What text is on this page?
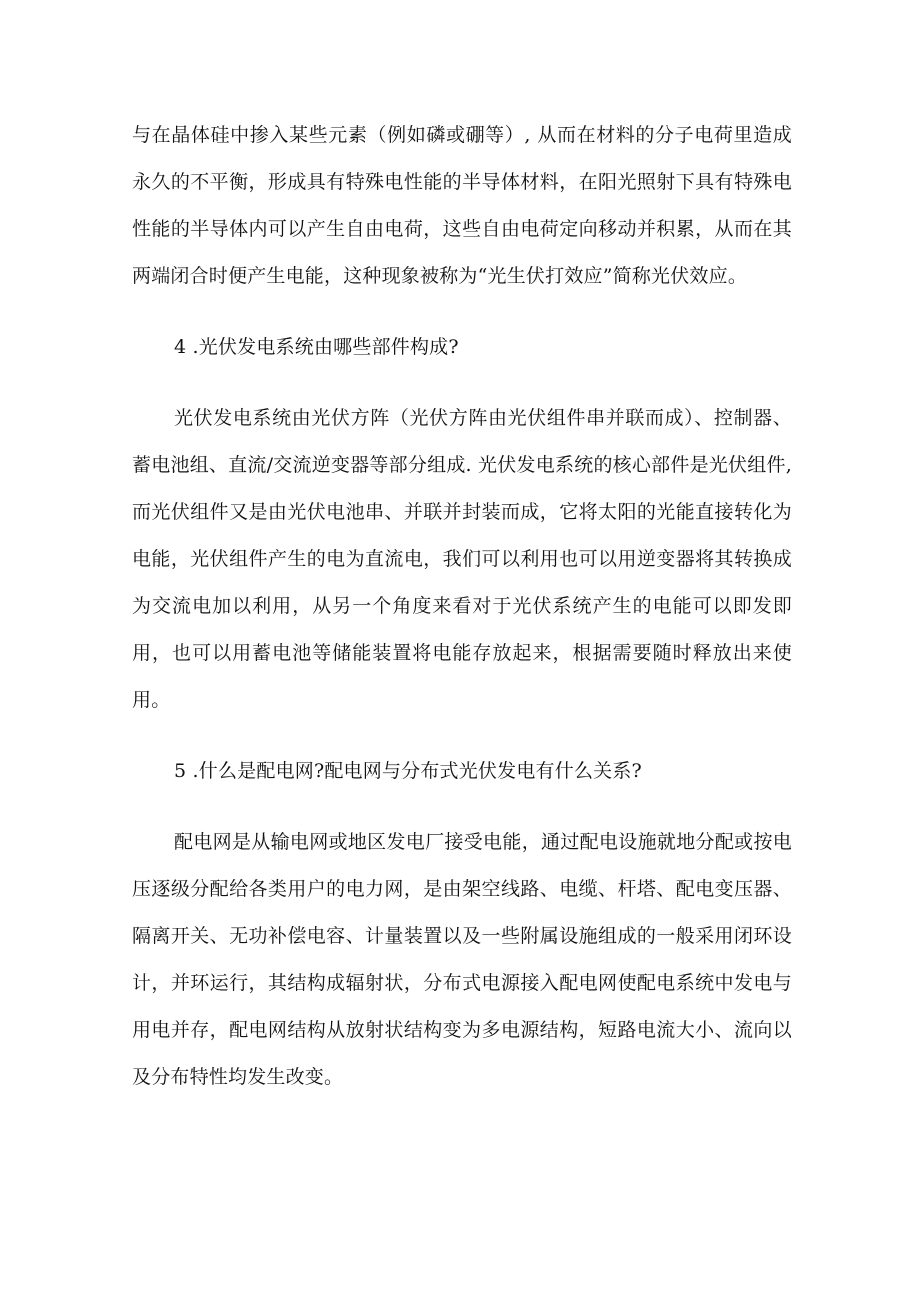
与在晶体硅中掺入某些元素（例如磷或硼等）, 从而在材料的分子电荷里造成永久的不平衡，形成具有特殊电性能的半导体材料，在阳光照射下具有特殊电性能的半导体内可以产生自由电荷，这些自由电荷定向移动并积累，从而在其两端闭合时便产生电能，这种现象被称为“光生伏打效应”简称光伏效应。

4 .光伏发电系统由哪些部件构成?

光伏发电系统由光伏方阵（光伏方阵由光伏组件串并联而成）、控制器、蓄电池组、直流/交流逆变器等部分组成. 光伏发电系统的核心部件是光伏组件, 而光伏组件又是由光伏电池串、并联并封装而成，它将太阳的光能直接转化为电能，光伏组件产生的电为直流电，我们可以利用也可以用逆变器将其转换成为交流电加以利用，从另一个角度来看对于光伏系统产生的电能可以即发即用，也可以用蓄电池等储能装置将电能存放起来，根据需要随时释放出来使用。

5 .什么是配电网?配电网与分布式光伏发电有什么关系?

配电网是从输电网或地区发电厂接受电能，通过配电设施就地分配或按电压逐级分配给各类用户的电力网，是由架空线路、电缆、杆塔、配电变压器、隔离开关、无功补偿电容、计量装置以及一些附属设施组成的一般采用闭环设计，并环运行，其结构成辐射状，分布式电源接入配电网使配电系统中发电与用电并存，配电网结构从放射状结构变为多电源结构，短路电流大小、流向以及分布特性均发生改变。
